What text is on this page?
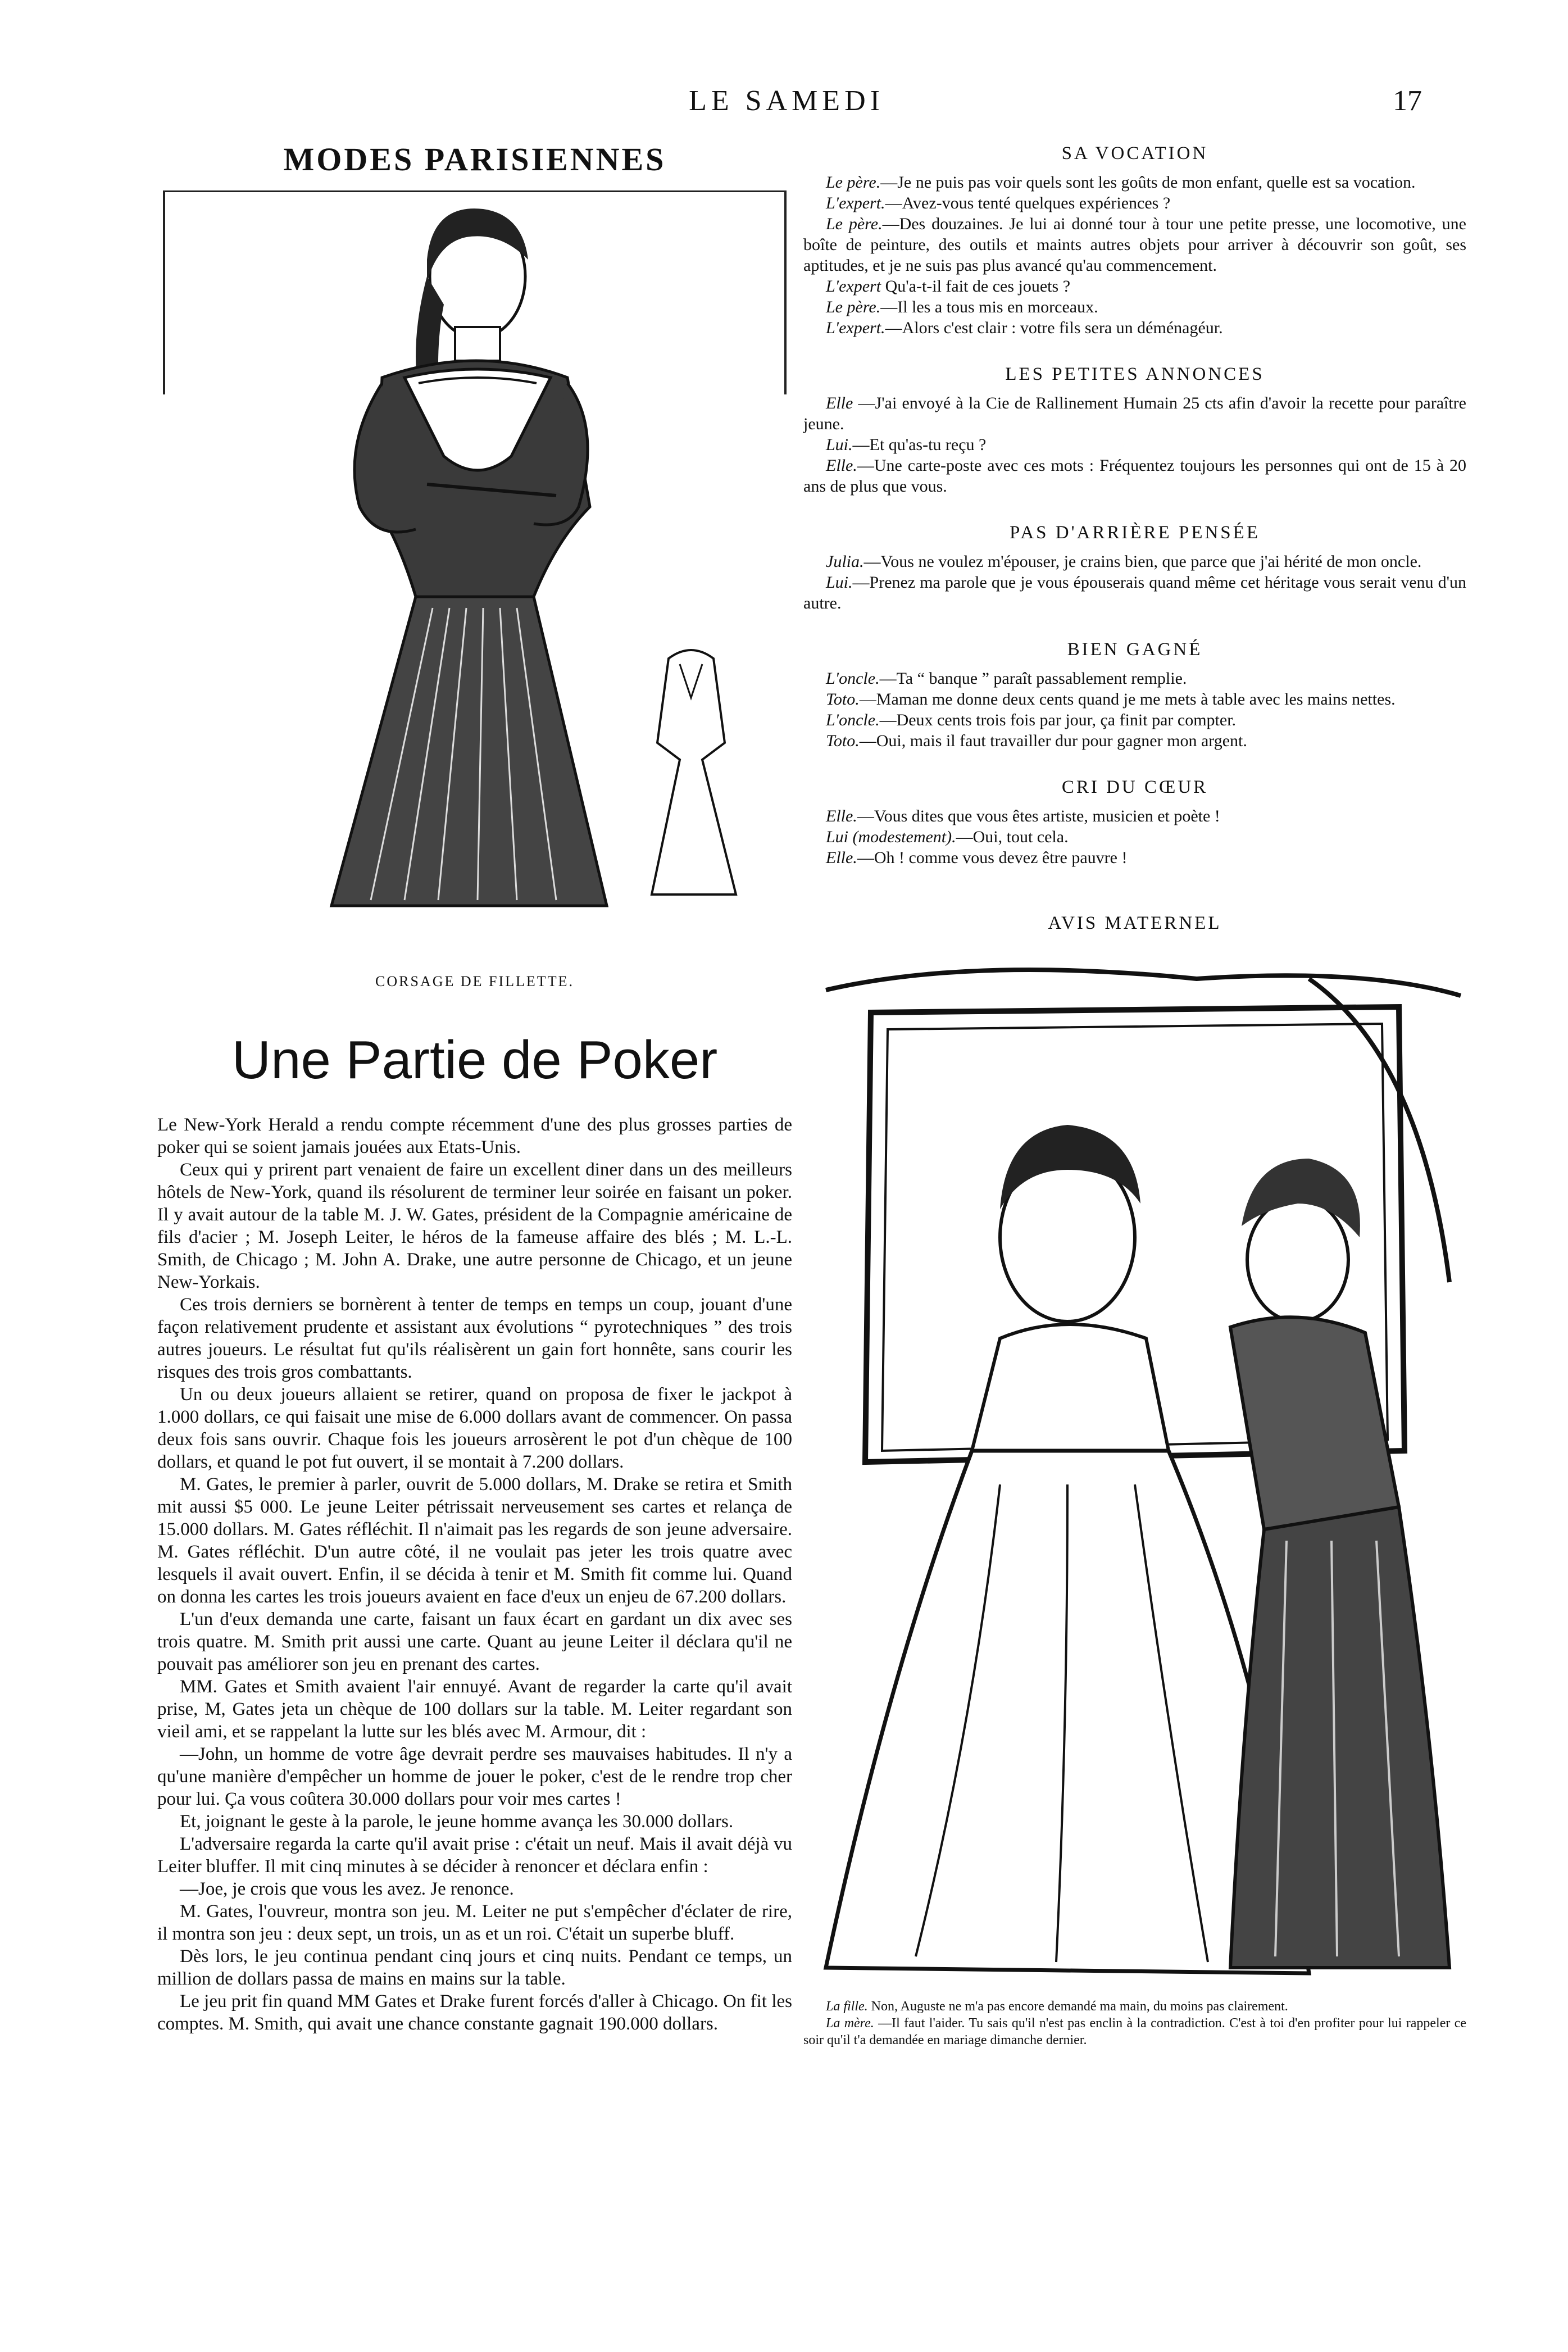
LE SAMEDI	17
MODES PARISIENNES
CORSAGE DE FILLETTE.
Une Partie de Poker

Le New-York Herald a rendu compte récemment d'une des plus grosses parties de poker qui se soient jamais jouées aux Etats-Unis.

Ceux qui y prirent part venaient de faire un excellent diner dans un des meilleurs hôtels de New-York, quand ils résolurent de terminer leur soirée en faisant un poker. Il y avait autour de la table M. J. W. Gates, président de la Compagnie américaine de fils d'acier ; M. Joseph Leiter, le héros de la fameuse affaire des blés ; M. L.-L. Smith, de Chicago ; M. John A. Drake, une autre personne de Chicago, et un jeune New-Yorkais.

Ces trois derniers se bornèrent à tenter de temps en temps un coup, jouant d'une façon relativement prudente et assistant aux évolutions “ pyrotechniques ” des trois autres joueurs. Le résultat fut qu'ils réalisèrent un gain fort honnête, sans courir les risques des trois gros combattants.

Un ou deux joueurs allaient se retirer, quand on proposa de fixer le jackpot à 1.000 dollars, ce qui faisait une mise de 6.000 dollars avant de commencer. On passa deux fois sans ouvrir. Chaque fois les joueurs arrosèrent le pot d'un chèque de 100 dollars, et quand le pot fut ouvert, il se montait à 7.200 dollars.

M. Gates, le premier à parler, ouvrit de 5.000 dollars, M. Drake se retira et Smith mit aussi $5 000. Le jeune Leiter pétrissait nerveusement ses cartes et relança de 15.000 dollars. M. Gates réfléchit. Il n'aimait pas les regards de son jeune adversaire. M. Gates réfléchit. D'un autre côté, il ne voulait pas jeter les trois quatre avec lesquels il avait ouvert. Enfin, il se décida à tenir et M. Smith fit comme lui. Quand on donna les cartes les trois joueurs avaient en face d'eux un enjeu de 67.200 dollars.

L'un d'eux demanda une carte, faisant un faux écart en gardant un dix avec ses trois quatre. M. Smith prit aussi une carte. Quant au jeune Leiter il déclara qu'il ne pouvait pas améliorer son jeu en prenant des cartes.

MM. Gates et Smith avaient l'air ennuyé. Avant de regarder la carte qu'il avait prise, M, Gates jeta un chèque de 100 dollars sur la table. M. Leiter regardant son vieil ami, et se rappelant la lutte sur les blés avec M. Armour, dit :

—John, un homme de votre âge devrait perdre ses mauvaises habitudes. Il n'y a qu'une manière d'empêcher un homme de jouer le poker, c'est de le rendre trop cher pour lui. Ça vous coûtera 30.000 dollars pour voir mes cartes !

Et, joignant le geste à la parole, le jeune homme avança les 30.000 dollars.

L'adversaire regarda la carte qu'il avait prise : c'était un neuf. Mais il avait déjà vu Leiter bluffer. Il mit cinq minutes à se décider à renoncer et déclara enfin :

—Joe, je crois que vous les avez. Je renonce.

M. Gates, l'ouvreur, montra son jeu. M. Leiter ne put s'empêcher d'éclater de rire, il montra son jeu : deux sept, un trois, un as et un roi. C'était un superbe bluff.

Dès lors, le jeu continua pendant cinq jours et cinq nuits. Pendant ce temps, un million de dollars passa de mains en mains sur la table.

Le jeu prit fin quand MM Gates et Drake furent forcés d'aller à Chicago. On fit les comptes. M. Smith, qui avait une chance constante gagnait 190.000 dollars.

SA VOCATION

Le père.—Je ne puis pas voir quels sont les goûts de mon enfant, quelle est sa vocation.

L'expert.—Avez-vous tenté quelques expériences ?

Le père.—Des douzaines. Je lui ai donné tour à tour une petite presse, une locomotive, une boîte de peinture, des outils et maints autres objets pour arriver à découvrir son goût, ses aptitudes, et je ne suis pas plus avancé qu'au commencement.

L'expert Qu'a-t-il fait de ces jouets ?

Le père.—Il les a tous mis en morceaux.

L'expert.—Alors c'est clair : votre fils sera un déménagéur.

LES PETITES ANNONCES

Elle —J'ai envoyé à la Cie de Rallinement Humain 25 cts afin d'avoir la recette pour paraître jeune.

Lui.—Et qu'as-tu reçu ?

Elle.—Une carte-poste avec ces mots : Fréquentez toujours les personnes qui ont de 15 à 20 ans de plus que vous.

PAS D'ARRIÈRE PENSÉE

Julia.—Vous ne voulez m'épouser, je crains bien, que parce que j'ai hérité de mon oncle.

Lui.—Prenez ma parole que je vous épouserais quand même cet héritage vous serait venu d'un autre.

BIEN GAGNÉ

L'oncle.—Ta “ banque ” paraît passablement remplie.

Toto.—Maman me donne deux cents quand je me mets à table avec les mains nettes.

L'oncle.—Deux cents trois fois par jour, ça finit par compter.

Toto.—Oui, mais il faut travailler dur pour gagner mon argent.

CRI DU CŒUR

Elle.—Vous dites que vous êtes artiste, musicien et poète !

Lui (modestement).—Oui, tout cela.

Elle.—Oh ! comme vous devez être pauvre !

AVIS MATERNEL

La fille. Non, Auguste ne m'a pas encore demandé ma main, du moins pas clairement.

La mère. —Il faut l'aider. Tu sais qu'il n'est pas enclin à la contradiction. C'est à toi d'en profiter pour lui rappeler ce soir qu'il t'a demandée en mariage dimanche dernier.
